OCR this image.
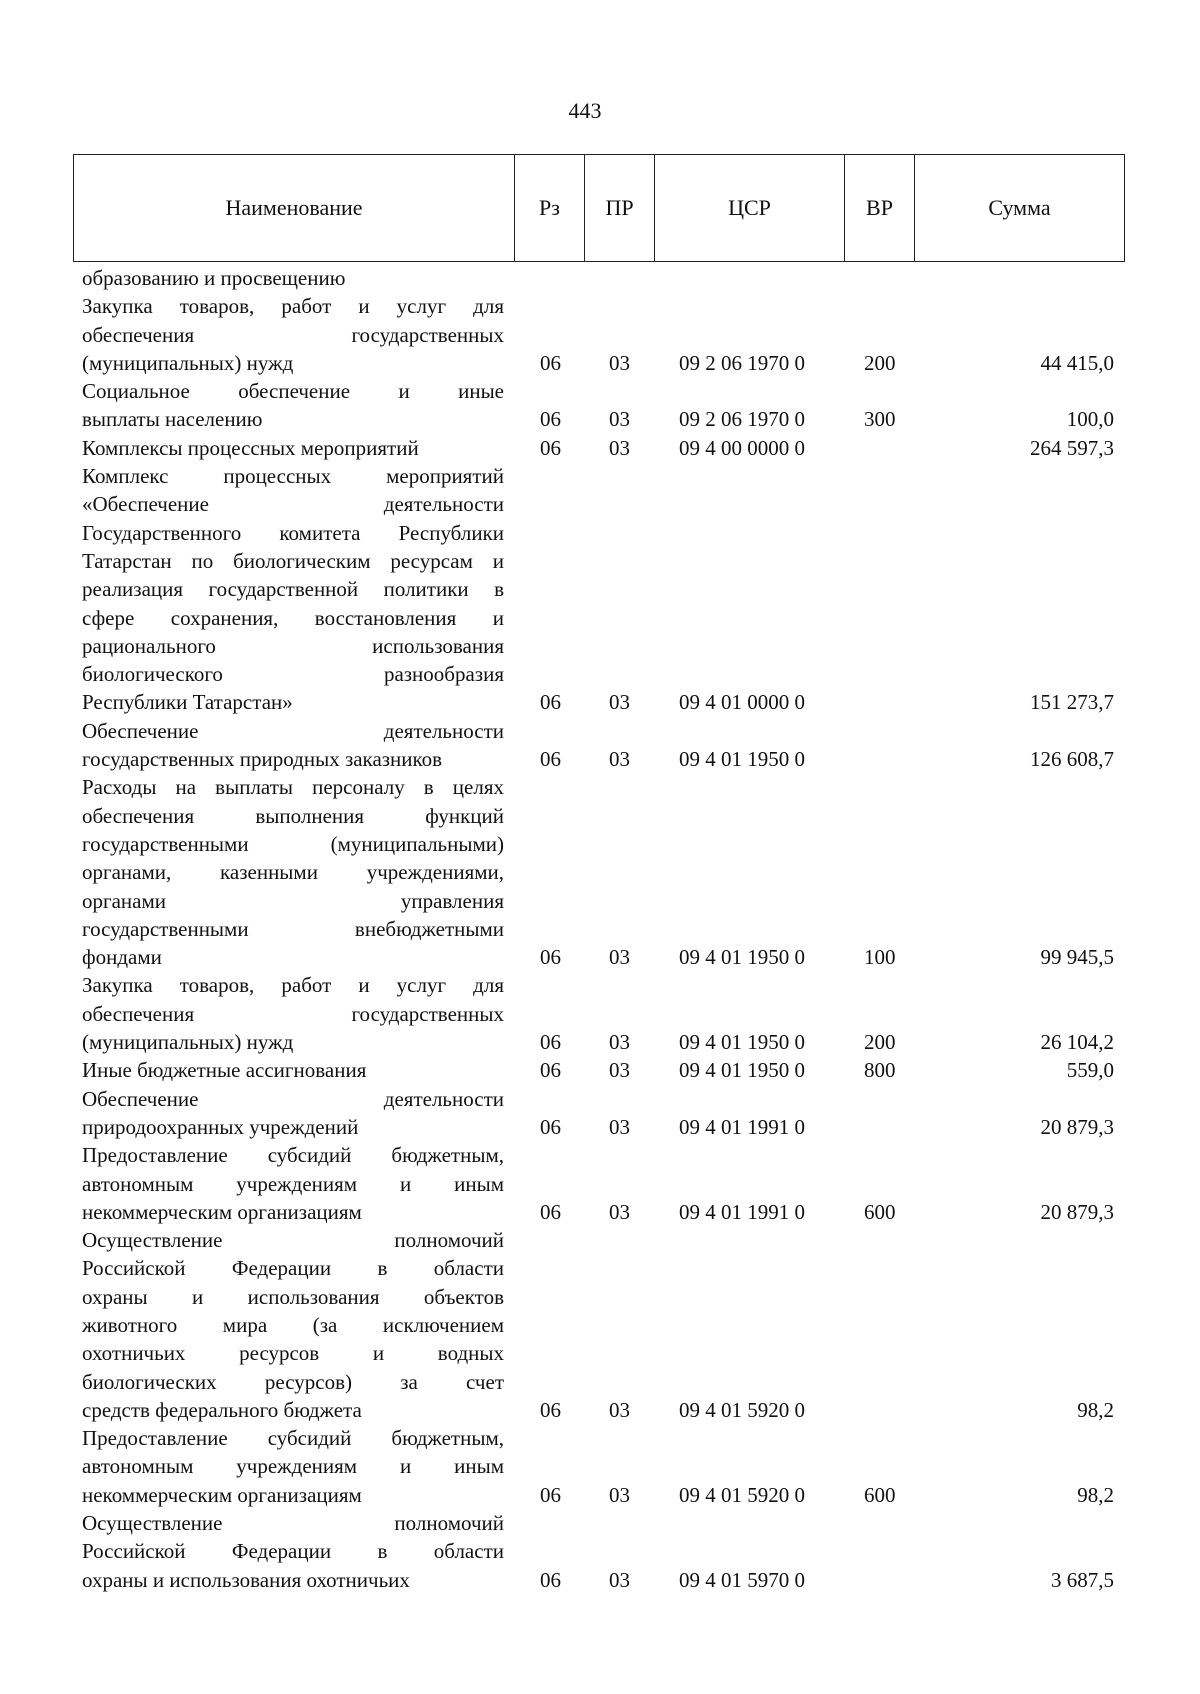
443
Наименование	Рз	ПР	ЦСР	ВР	Сумма
образованию и просвещению
Закупка товаров, работ и услуг для
обеспечения государственных
(муниципальных) нужд	06 03 09 2 06 1970 0	200	44 415,0
Социальное обеспечение и иные
выплаты населению	06 03 09 2 06 1970 0	300	100,0
Комплексы процессных мероприятий	06 03 09 4 00 0000 0	264 597,3
Комплекс процессных мероприятий
«Обеспечение деятельности
Государственного комитета Республики
Татарстан по биологическим ресурсам и
реализация государственной политики в
сфере сохранения, восстановления и
рационального использования
биологического разнообразия
Республики Татарстан»	06 03 09 4 01 0000 0	151 273,7
Обеспечение деятельности
государственных природных заказников	06 03 09 4 01 1950 0	126 608,7
Расходы на выплаты персоналу в целях
обеспечения выполнения функций
государственными (муниципальными)
органами, казенными учреждениями,
органами управления
государственными внебюджетными
фондами	06 03 09 4 01 1950 0	100	99 945,5
Закупка товаров, работ и услуг для
обеспечения государственных
(муниципальных) нужд	06 03 09 4 01 1950 0	200	26 104,2
Иные бюджетные ассигнования	06 03 09 4 01 1950 0	800	559,0
Обеспечение деятельности
природоохранных учреждений	06 03 09 4 01 1991 0	20 879,3
Предоставление субсидий бюджетным,
автономным учреждениям и иным
некоммерческим организациям	06 03 09 4 01 1991 0	600	20 879,3
Осуществление полномочий
Российской Федерации в области
охраны и использования объектов
животного мира (за исключением
охотничьих ресурсов и водных
биологических ресурсов) за счет
средств федерального бюджета	06 03 09 4 01 5920 0	98,2
Предоставление субсидий бюджетным,
автономным учреждениям и иным
некоммерческим организациям	06 03 09 4 01 5920 0	600	98,2
Осуществление полномочий
Российской Федерации в области
охраны и использования охотничьих	06 03 09 4 01 5970 0	3 687,5
